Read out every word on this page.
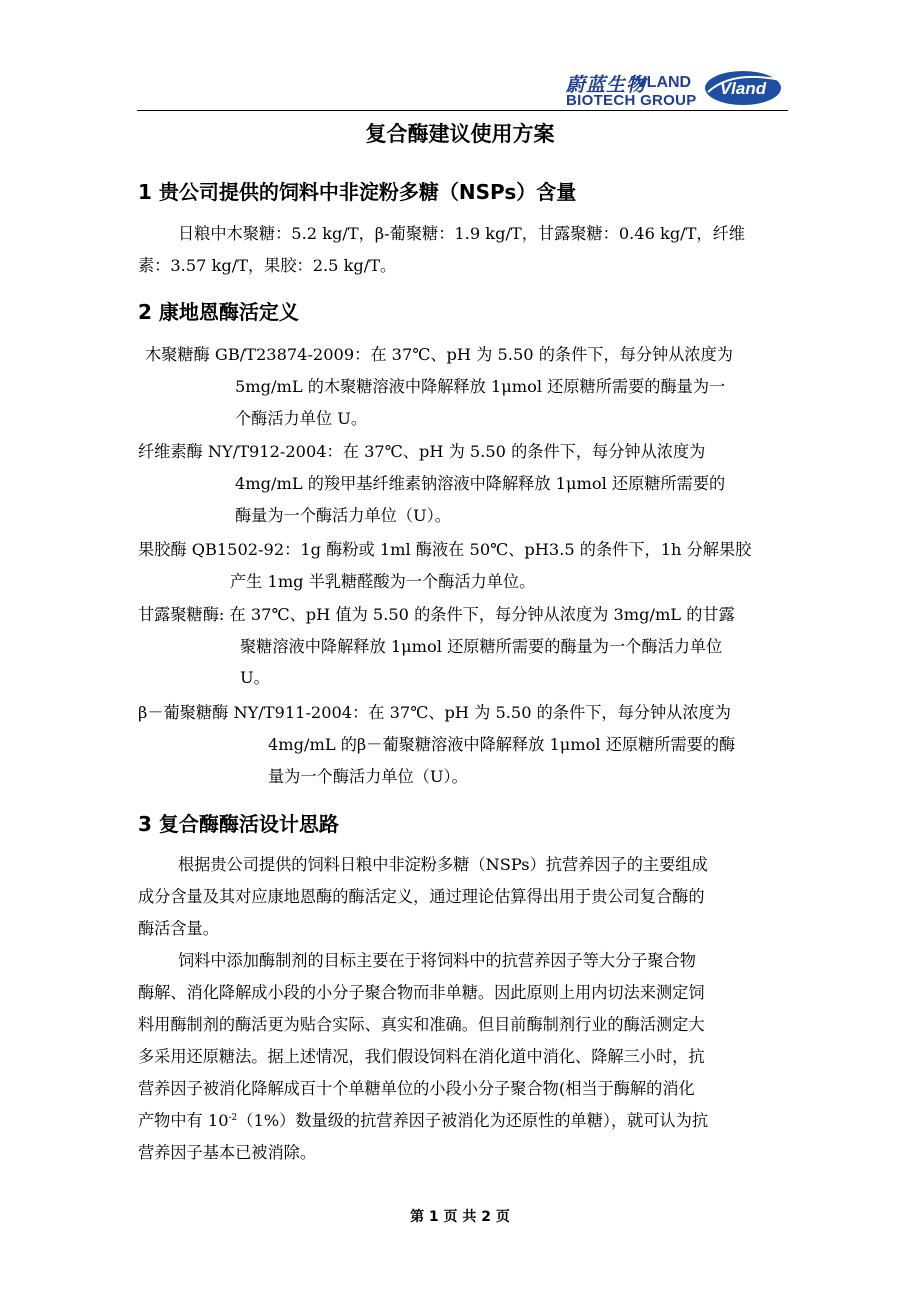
蔚蓝生物
VLAND
BIOTECH GROUP
Vland
复合酶建议使用方案
1 贵公司提供的饲料中非淀粉多糖（NSPs）含量
日粮中木聚糖：5.2 kg/T，β-葡聚糖：1.9 kg/T，甘露聚糖：0.46 kg/T，纤维
素：3.57 kg/T，果胶：2.5 kg/T。
2 康地恩酶活定义
木聚糖酶 GB/T23874-2009：在 37℃、pH 为 5.50 的条件下，每分钟从浓度为
5mg/mL 的木聚糖溶液中降解释放 1μmol 还原糖所需要的酶量为一
个酶活力单位 U。
纤维素酶 NY/T912-2004：在 37℃、pH 为 5.50 的条件下，每分钟从浓度为
4mg/mL 的羧甲基纤维素钠溶液中降解释放 1μmol 还原糖所需要的
酶量为一个酶活力单位（U）。
果胶酶 QB1502-92：1g 酶粉或 1ml 酶液在 50℃、pH3.5 的条件下，1h 分解果胶
产生 1mg 半乳糖醛酸为一个酶活力单位。
甘露聚糖酶: 在 37℃、pH 值为 5.50 的条件下，每分钟从浓度为 3mg/mL 的甘露
聚糖溶液中降解释放 1μmol 还原糖所需要的酶量为一个酶活力单位
U。
β－葡聚糖酶 NY/T911-2004：在 37℃、pH 为 5.50 的条件下，每分钟从浓度为
4mg/mL 的β－葡聚糖溶液中降解释放 1μmol 还原糖所需要的酶
量为一个酶活力单位（U）。
3 复合酶酶活设计思路
根据贵公司提供的饲料日粮中非淀粉多糖（NSPs）抗营养因子的主要组成
成分含量及其对应康地恩酶的酶活定义，通过理论估算得出用于贵公司复合酶的
酶活含量。
饲料中添加酶制剂的目标主要在于将饲料中的抗营养因子等大分子聚合物
酶解、消化降解成小段的小分子聚合物而非单糖。因此原则上用内切法来测定饲
料用酶制剂的酶活更为贴合实际、真实和准确。但目前酶制剂行业的酶活测定大
多采用还原糖法。据上述情况，我们假设饲料在消化道中消化、降解三小时，抗
营养因子被消化降解成百十个单糖单位的小段小分子聚合物(相当于酶解的消化
产物中有 $10^{-2}(1\%)$数量级的抗营养因子被消化为还原性的单糖），就可认为抗
营养因子基本已被消除。
第 1 页 共 2 页
